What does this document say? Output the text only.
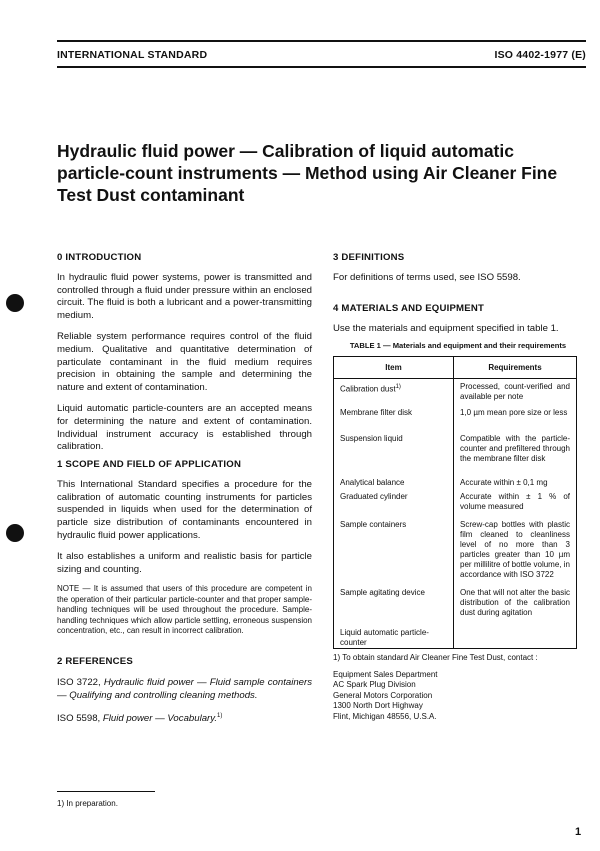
INTERNATIONAL STANDARD	ISO 4402-1977 (E)
Hydraulic fluid power — Calibration of liquid automatic
particle-count instruments — Method using Air Cleaner Fine
Test Dust contaminant
0 INTRODUCTION
In hydraulic fluid power systems, power is transmitted and controlled through a fluid under pressure within an enclosed circuit. The fluid is both a lubricant and a power-transmitting medium.
Reliable system performance requires control of the fluid medium. Qualitative and quantitative determination of particulate contaminant in the fluid medium requires precision in obtaining the sample and determining the nature and extent of contamination.
Liquid automatic particle-counters are an accepted means for determining the nature and extent of contamination. Individual instrument accuracy is established through calibration.
1 SCOPE AND FIELD OF APPLICATION
This International Standard specifies a procedure for the calibration of automatic counting instruments for particles suspended in liquids when used for the determination of particle size distribution of contaminants encountered in hydraulic fluid power applications.
It also establishes a uniform and realistic basis for particle sizing and counting.
NOTE — It is assumed that users of this procedure are competent in the operation of their particular particle-counter and that proper sample-handling techniques will be used throughout the procedure. Sample-handling techniques which allow particle settling, erroneous suspension concentration, etc., can result in incorrect calibration.
2 REFERENCES
ISO 3722, Hydraulic fluid power — Fluid sample containers — Qualifying and controlling cleaning methods.
ISO 5598, Fluid power — Vocabulary.$^{1)}$
3 DEFINITIONS
For definitions of terms used, see ISO 5598.
4 MATERIALS AND EQUIPMENT
Use the materials and equipment specified in table 1.
TABLE 1 — Materials and equipment and their requirements
Item	Requirements
Calibration dust$^{1)}$	Processed, count-verified and available per note
Membrane filter disk	1,0 µm mean pore size or less
Suspension liquid	Compatible with the particle-counter and prefiltered through the membrane filter disk
Analytical balance	Accurate within ± 0,1 mg
Graduated cylinder	Accurate within ± 1 % of volume measured
Sample containers	Screw-cap bottles with plastic film cleaned to cleanliness level of no more than 3 particles greater than 10 µm per millilitre of bottle volume, in accordance with ISO 3722
Sample agitating device	One that will not alter the basic distribution of the calibration dust during agitation
Liquid automatic particle-counter	
1) To obtain standard Air Cleaner Fine Test Dust, contact :
Equipment Sales Department
AC Spark Plug Division
General Motors Corporation
1300 North Dort Highway
Flint, Michigan 48556, U.S.A.
1) In preparation.
1
